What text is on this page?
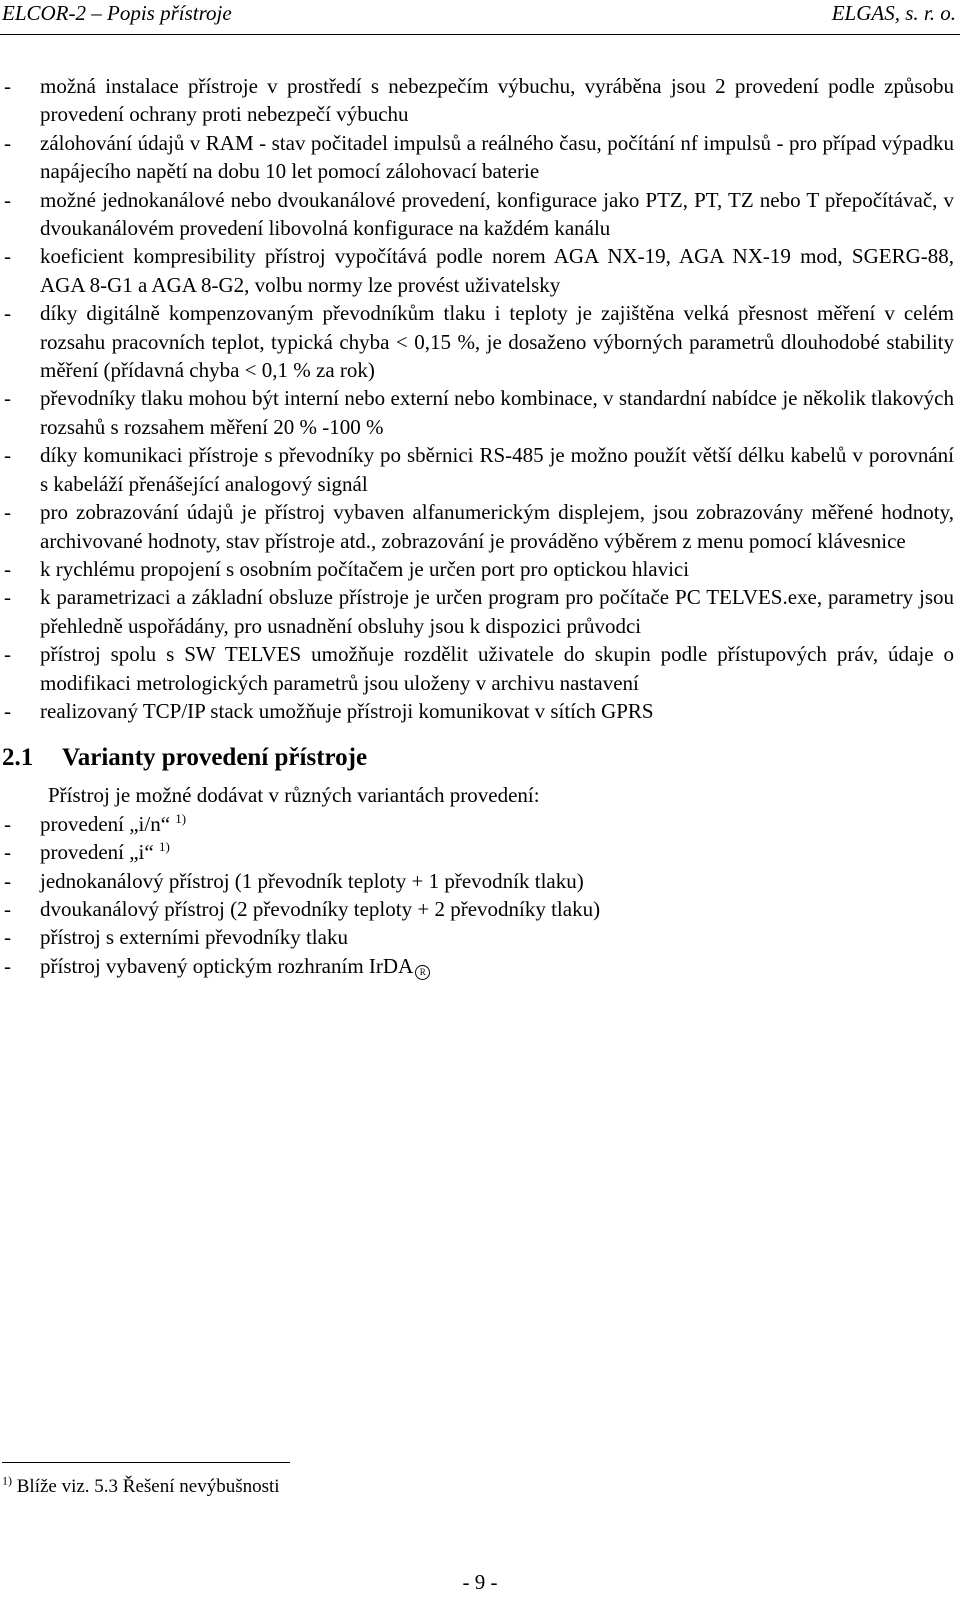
ELCOR-2 – Popis přístroje	ELGAS, s. r. o.
- možná instalace přístroje v prostředí s nebezpečím výbuchu, vyráběna jsou 2 provedení podle způsobu provedení ochrany proti nebezpečí výbuchu
- zálohování údajů v RAM - stav počitadel impulsů a reálného času, počítání nf impulsů - pro případ výpadku napájecího napětí na dobu 10 let pomocí zálohovací baterie
- možné jednokanálové nebo dvoukanálové provedení, konfigurace jako PTZ, PT, TZ nebo T přepočítávač, v dvoukanálovém provedení libovolná konfigurace na každém kanálu
- koeficient kompresibility přístroj vypočítává podle norem AGA NX-19, AGA NX-19 mod, SGERG-88, AGA 8-G1 a AGA 8-G2, volbu normy lze provést uživatelsky
- díky digitálně kompenzovaným převodníkům tlaku i teploty je zajištěna velká přesnost měření v celém rozsahu pracovních teplot, typická chyba < 0,15 %, je dosaženo výborných parametrů dlouhodobé stability měření (přídavná chyba < 0,1 % za rok)
- převodníky tlaku mohou být interní nebo externí nebo kombinace, v standardní nabídce je několik tlakových rozsahů s rozsahem měření 20 % -100 %
- díky komunikaci přístroje s převodníky po sběrnici RS-485 je možno použít větší délku kabelů v porovnání s kabeláží přenášející analogový signál
- pro zobrazování údajů je přístroj vybaven alfanumerickým displejem, jsou zobrazovány měřené hodnoty, archivované hodnoty, stav přístroje atd., zobrazování je prováděno výběrem z menu pomocí klávesnice
- k rychlému propojení s osobním počítačem je určen port pro optickou hlavici
- k parametrizaci a základní obsluze přístroje je určen program pro počítače PC TELVES.exe, parametry jsou přehledně uspořádány, pro usnadnění obsluhy jsou k dispozici průvodci
- přístroj spolu s SW TELVES umožňuje rozdělit uživatele do skupin podle přístupových práv, údaje o modifikaci metrologických parametrů jsou uloženy v archivu nastavení
- realizovaný TCP/IP stack umožňuje přístroji komunikovat v sítích GPRS
2.1	Varianty provedení přístroje

Přístroj je možné dodávat v různých variantách provedení:

- provedení „i/n“ $^{1)}$
- provedení „i“ $^{1)}$
- jednokanálový přístroj (1 převodník teploty + 1 převodník tlaku)
- dvoukanálový přístroj (2 převodníky teploty + 2 převodníky tlaku)
- přístroj s externími převodníky tlaku
- přístroj vybavený optickým rozhraním IrDA R
$^{1)}$ Blíže viz. 5.3 Řešení nevýbušnosti
- 9 -
